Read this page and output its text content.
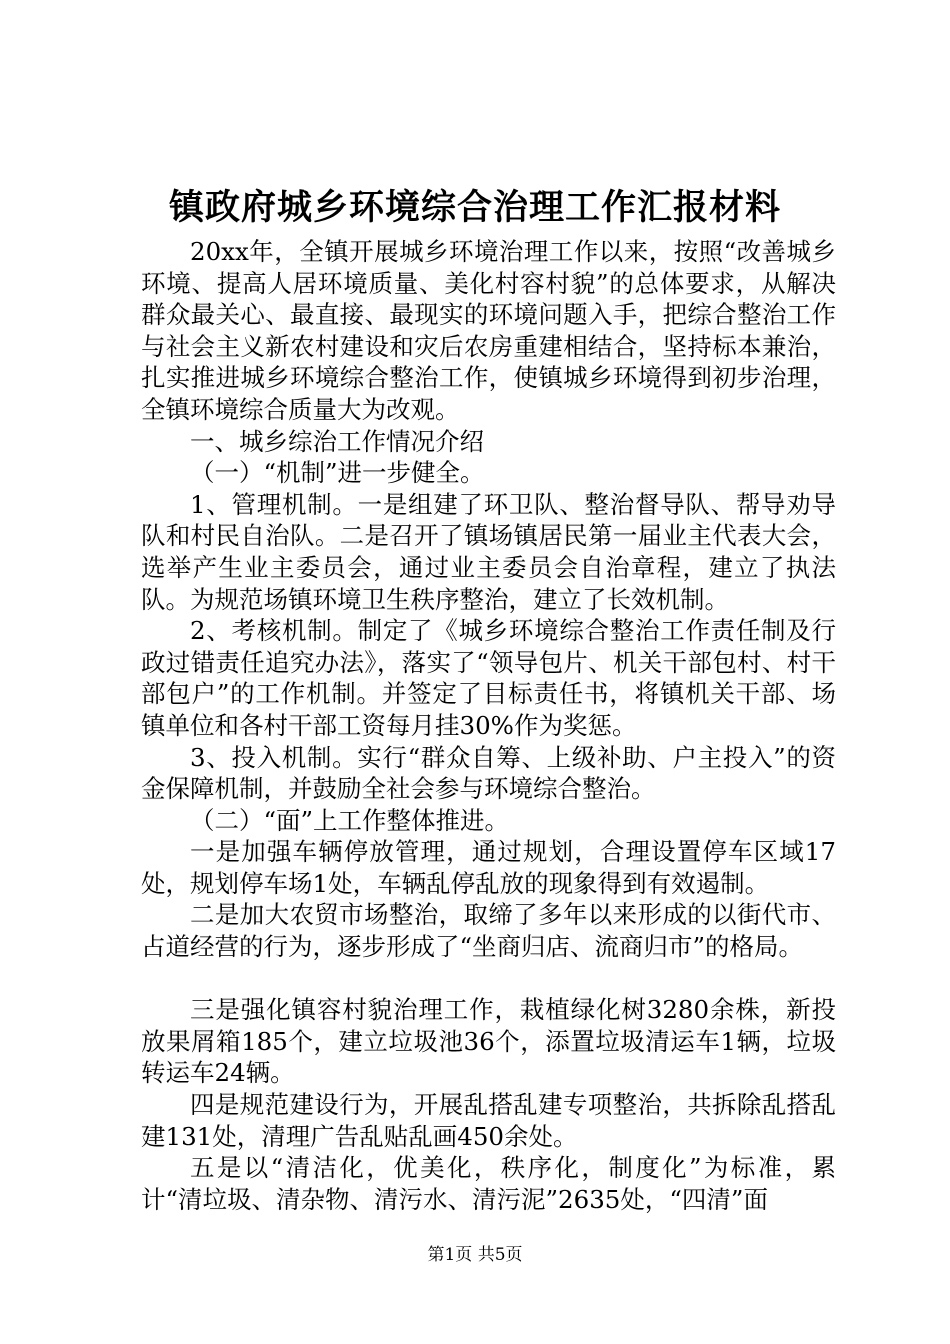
镇政府城乡环境综合治理工作汇报材料

20xx年，全镇开展城乡环境治理工作以来，按照“改善城乡环境、提高人居环境质量、美化村容村貌”的总体要求，从解决群众最关心、最直接、最现实的环境问题入手，把综合整治工作与社会主义新农村建设和灾后农房重建相结合，坚持标本兼治，扎实推进城乡环境综合整治工作，使镇城乡环境得到初步治理，全镇环境综合质量大为改观。

一、城乡综治工作情况介绍

（一）“机制”进一步健全。

1、管理机制。一是组建了环卫队、整治督导队、帮导劝导队和村民自治队。二是召开了镇场镇居民第一届业主代表大会，选举产生业主委员会，通过业主委员会自治章程，建立了执法队。为规范场镇环境卫生秩序整治，建立了长效机制。

2、考核机制。制定了《城乡环境综合整治工作责任制及行政过错责任追究办法》，落实了“领导包片、机关干部包村、村干部包户”的工作机制。并签定了目标责任书，将镇机关干部、场镇单位和各村干部工资每月挂30%作为奖惩。

3、投入机制。实行“群众自筹、上级补助、户主投入”的资金保障机制，并鼓励全社会参与环境综合整治。

（二）“面”上工作整体推进。

一是加强车辆停放管理，通过规划，合理设置停车区域17处，规划停车场1处，车辆乱停乱放的现象得到有效遏制。

二是加大农贸市场整治，取缔了多年以来形成的以街代市、占道经营的行为，逐步形成了“坐商归店、流商归市”的格局。

三是强化镇容村貌治理工作，栽植绿化树3280余株，新投放果屑箱185个，建立垃圾池36个，添置垃圾清运车1辆，垃圾转运车24辆。

四是规范建设行为，开展乱搭乱建专项整治，共拆除乱搭乱建131处，清理广告乱贴乱画450余处。

五是以“清洁化，优美化，秩序化，制度化”为标准，累计“清垃圾、清杂物、清污水、清污泥”2635处，“四清”面

第1页 共5页
